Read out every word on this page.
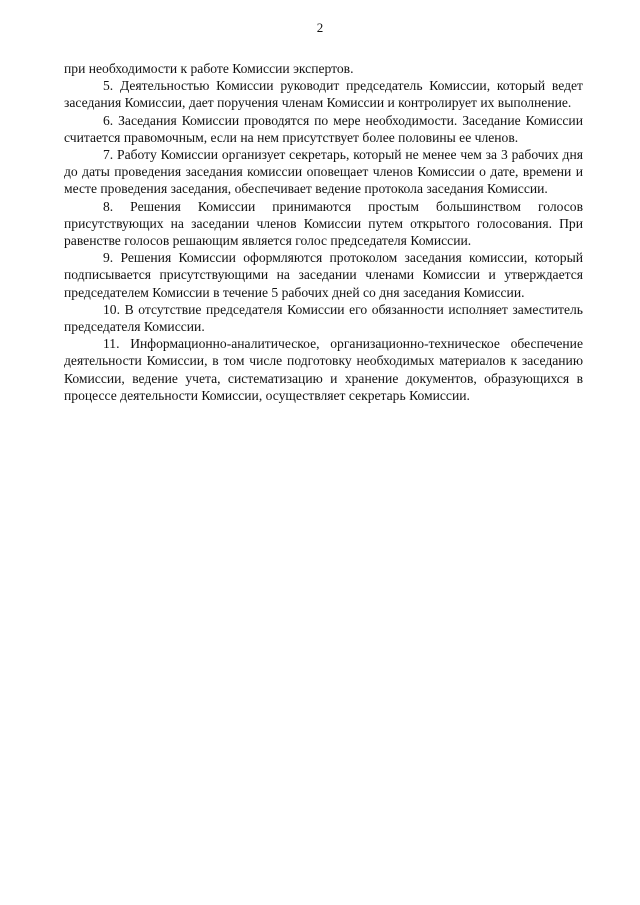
2

при необходимости к работе Комиссии экспертов.

5. Деятельностью Комиссии руководит председатель Комиссии, который ведет заседания Комиссии, дает поручения членам Комиссии и контролирует их выполнение.

6. Заседания Комиссии проводятся по мере необходимости. Заседание Комиссии считается правомочным, если на нем присутствует более половины ее членов.

7. Работу Комиссии организует секретарь, который не менее чем за 3 рабочих дня до даты проведения заседания комиссии оповещает членов Комиссии о дате, времени и месте проведения заседания, обеспечивает ведение протокола заседания Комиссии.

8. Решения Комиссии принимаются простым большинством голосов присутствующих на заседании членов Комиссии путем открытого голосования. При равенстве голосов решающим является голос председателя Комиссии.

9. Решения Комиссии оформляются протоколом заседания комиссии, который подписывается присутствующими на заседании членами Комиссии и утверждается председателем Комиссии в течение 5 рабочих дней со дня заседания Комиссии.

10. В отсутствие председателя Комиссии его обязанности исполняет заместитель председателя Комиссии.

11. Информационно-аналитическое, организационно-техническое обеспечение деятельности Комиссии, в том числе подготовку необходимых материалов к заседанию Комиссии, ведение учета, систематизацию и хранение документов, образующихся в процессе деятельности Комиссии, осуществляет секретарь Комиссии.
